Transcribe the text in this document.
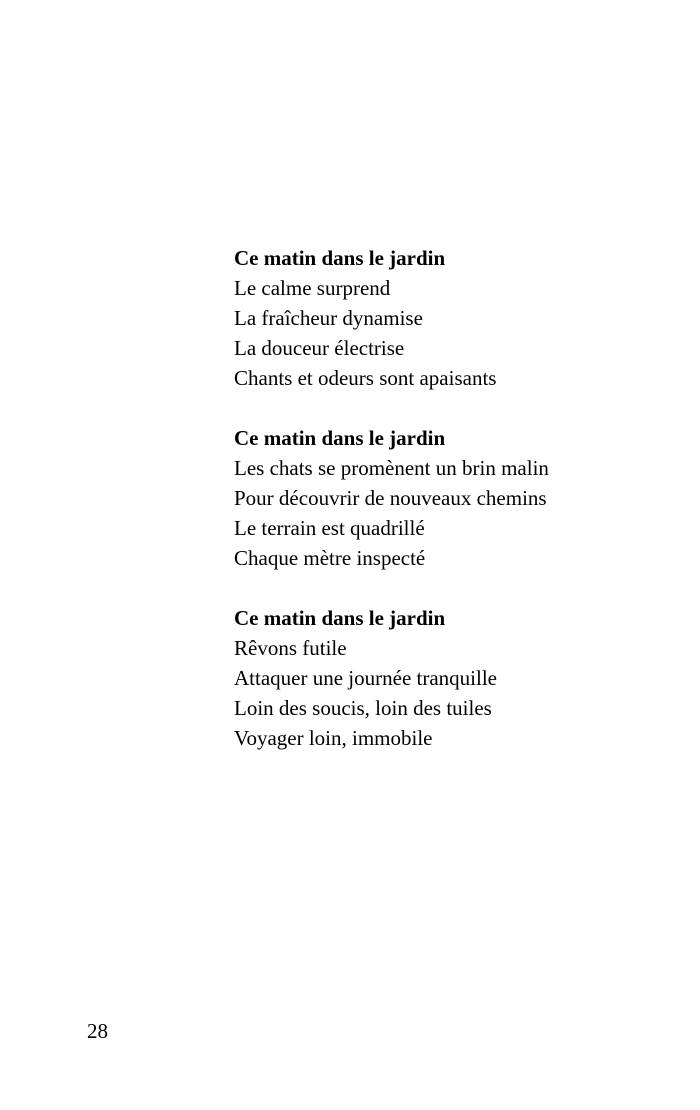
Ce matin dans le jardin
Le calme surprend
La fraîcheur dynamise
La douceur électrise
Chants et odeurs sont apaisants
Ce matin dans le jardin
Les chats se promènent un brin malin
Pour découvrir de nouveaux chemins
Le terrain est quadrillé
Chaque mètre inspecté
Ce matin dans le jardin
Rêvons futile
Attaquer une journée tranquille
Loin des soucis, loin des tuiles
Voyager loin, immobile
28
